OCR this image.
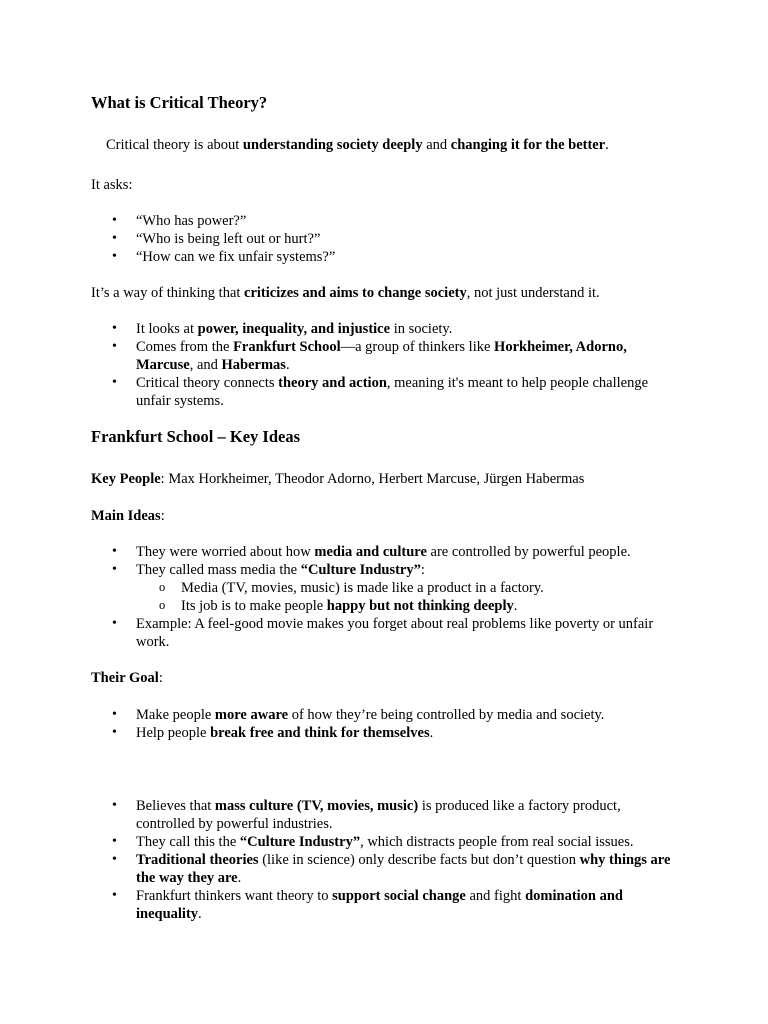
What is Critical Theory?

Critical theory is about understanding society deeply and changing it for the better.

It asks:

• “Who has power?”
• “Who is being left out or hurt?”
• “How can we fix unfair systems?”

It’s a way of thinking that criticizes and aims to change society, not just understand it.

• It looks at power, inequality, and injustice in society.
• Comes from the Frankfurt School—a group of thinkers like Horkheimer, Adorno, Marcuse, and Habermas.
• Critical theory connects theory and action, meaning it's meant to help people challenge unfair systems.
Frankfurt School – Key Ideas

Key People: Max Horkheimer, Theodor Adorno, Herbert Marcuse, Jürgen Habermas

Main Ideas:

• They were worried about how media and culture are controlled by powerful people.
• They called mass media the “Culture Industry”:
o Media (TV, movies, music) is made like a product in a factory.
o Its job is to make people happy but not thinking deeply.
• Example: A feel-good movie makes you forget about real problems like poverty or unfair work.

Their Goal:

• Make people more aware of how they’re being controlled by media and society.
• Help people break free and think for themselves.
• Believes that mass culture (TV, movies, music) is produced like a factory product, controlled by powerful industries.
• They call this the “Culture Industry”, which distracts people from real social issues.
• Traditional theories (like in science) only describe facts but don’t question why things are the way they are.
• Frankfurt thinkers want theory to support social change and fight domination and inequality.
